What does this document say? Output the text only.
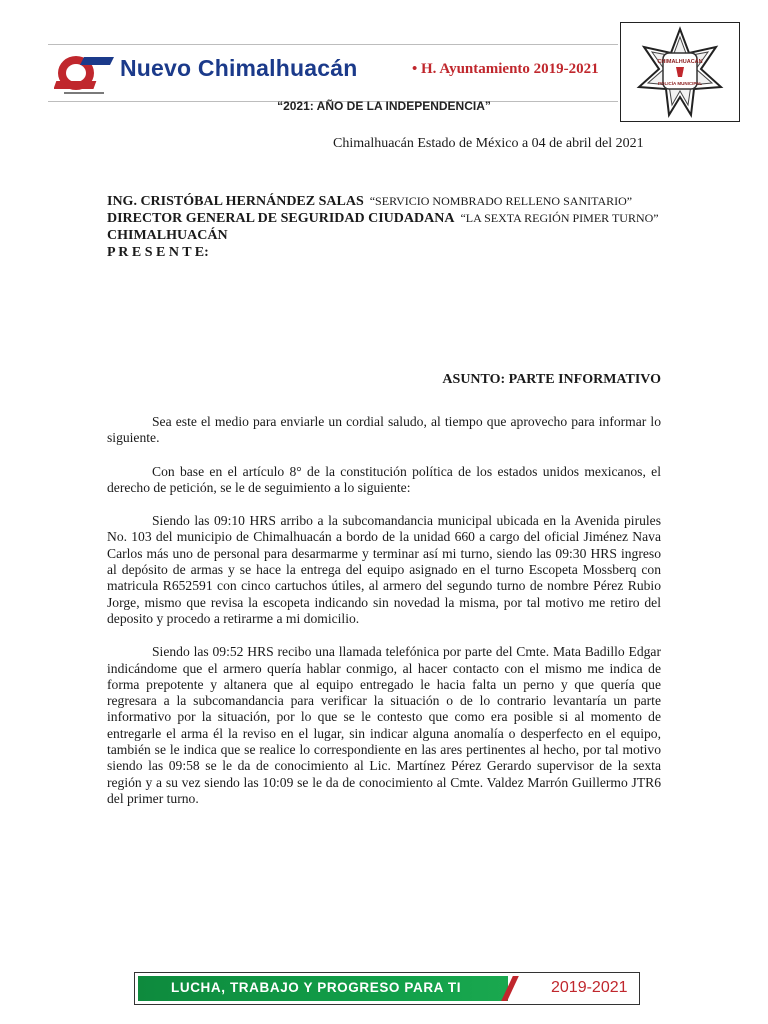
Nuevo Chimalhuacán	• H. Ayuntamiento 2019-2021	CHIMALHUACÁN
POLICÍA MUNICIPAL
“2021: AÑO DE LA INDEPENDENCIA”
Chimalhuacán Estado de México a 04 de abril del 2021
ING. CRISTÓBAL HERNÁNDEZ SALAS “SERVICIO NOMBRADO RELLENO SANITARIO”
DIRECTOR GENERAL DE SEGURIDAD CIUDADANA “LA SEXTA REGIÓN PIMER TURNO”
CHIMALHUACÁN
P R E S E N T E:
ASUNTO: PARTE INFORMATIVO

Sea este el medio para enviarle un cordial saludo, al tiempo que aprovecho para informar lo siguiente.

Con base en el artículo 8° de la constitución política de los estados unidos mexicanos, el derecho de petición, se le de seguimiento a lo siguiente:

Siendo las 09:10 HRS arribo a la subcomandancia municipal ubicada en la Avenida pirules No. 103 del municipio de Chimalhuacán a bordo de la unidad 660 a cargo del oficial Jiménez Nava Carlos más uno de personal para desarmarme y terminar así mi turno, siendo las 09:30 HRS ingreso al depósito de armas y se hace la entrega del equipo asignado en el turno Escopeta Mossberq con matricula R652591 con cinco cartuchos útiles, al armero del segundo turno de nombre Pérez Rubio Jorge, mismo que revisa la escopeta indicando sin novedad la misma, por tal motivo me retiro del deposito y procedo a retirarme a mi domicilio.

Siendo las 09:52 HRS recibo una llamada telefónica por parte del Cmte. Mata Badillo Edgar indicándome que el armero quería hablar conmigo, al hacer contacto con el mismo me indica de forma prepotente y altanera que al equipo entregado le hacia falta un perno y que quería que regresara a la subcomandancia para verificar la situación o de lo contrario levantaría un parte informativo por la situación, por lo que se le contesto que como era posible si al momento de entregarle el arma él la reviso en el lugar, sin indicar alguna anomalía o desperfecto en el equipo, también se le indica que se realice lo correspondiente en las ares pertinentes al hecho, por tal motivo siendo las 09:58 se le da de conocimiento al Lic. Martínez Pérez Gerardo supervisor de la sexta región y a su vez siendo las 10:09 se le da de conocimiento al Cmte. Valdez Marrón Guillermo JTR6 del primer turno.

LUCHA, TRABAJO Y PROGRESO PARA TI	2019-2021
